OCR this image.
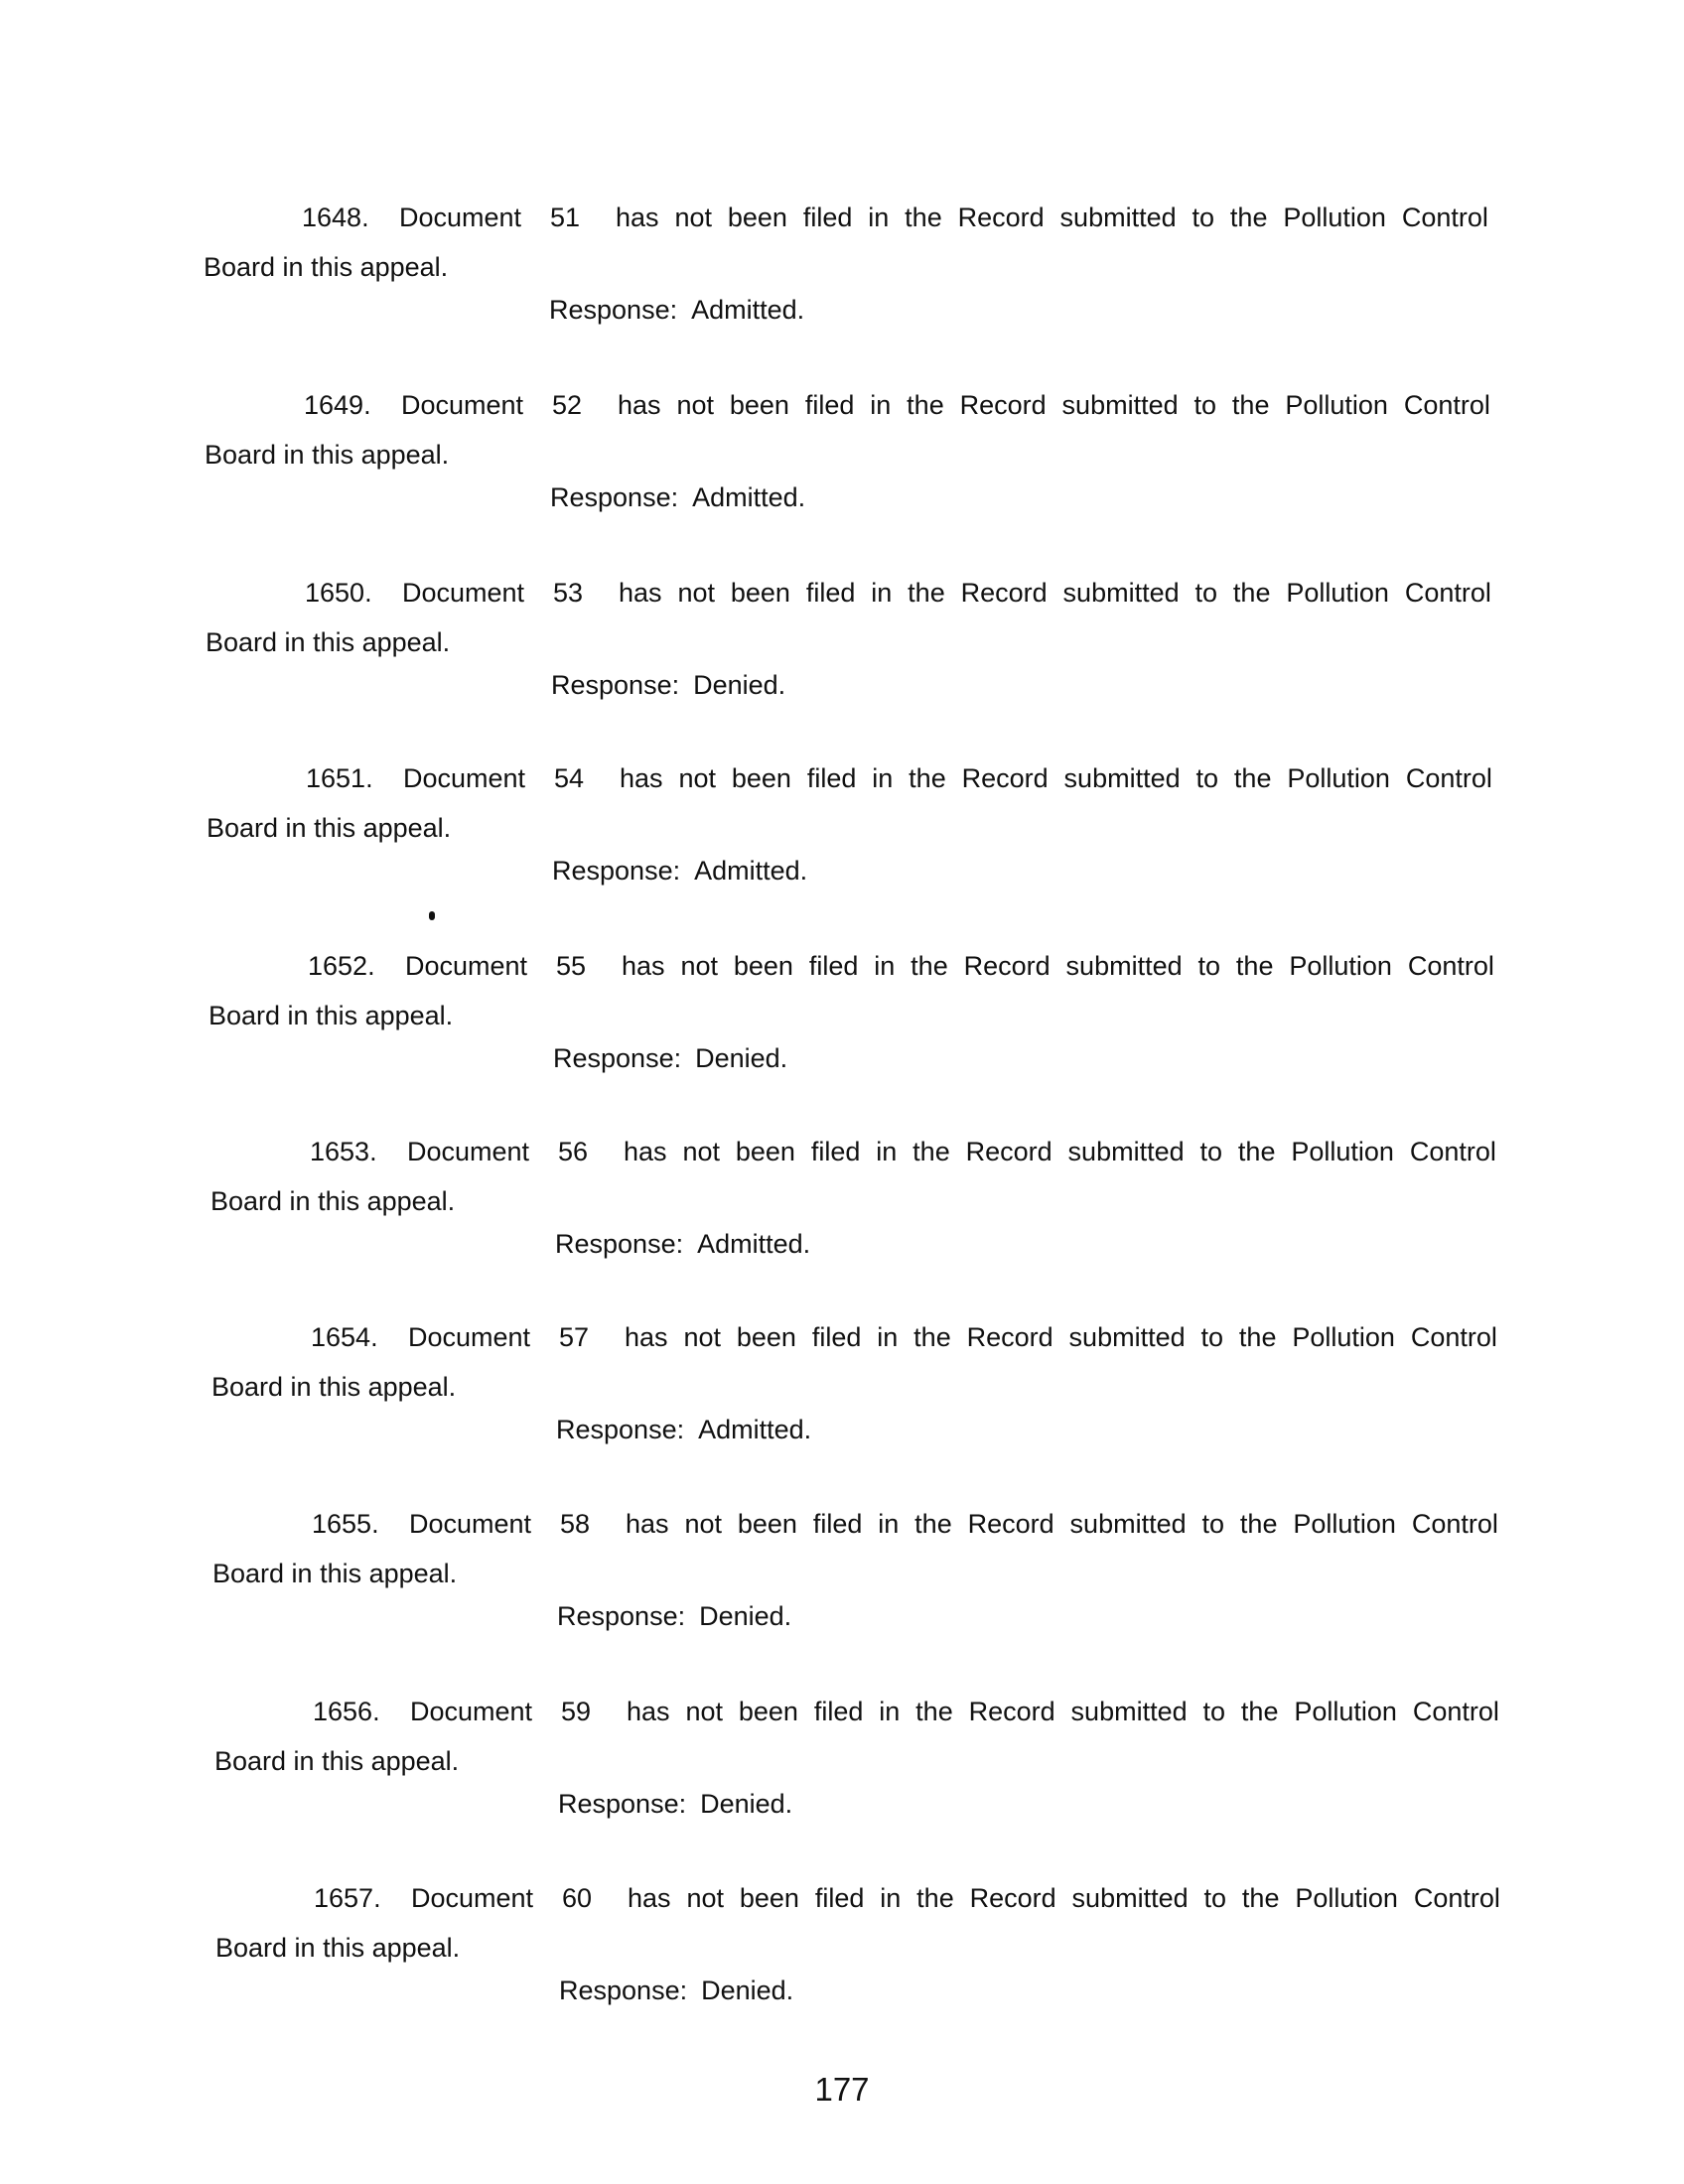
1648. Document 51 has not been filed in the Record submitted to the Pollution Control
Board in this appeal.
Response: Admitted.
1649. Document 52 has not been filed in the Record submitted to the Pollution Control
Board in this appeal.
Response: Admitted.
1650. Document 53 has not been filed in the Record submitted to the Pollution Control
Board in this appeal.
Response: Denied.
1651. Document 54 has not been filed in the Record submitted to the Pollution Control
Board in this appeal.
Response: Admitted.
1652. Document 55 has not been filed in the Record submitted to the Pollution Control
Board in this appeal.
Response: Denied.
1653. Document 56 has not been filed in the Record submitted to the Pollution Control
Board in this appeal.
Response: Admitted.
1654. Document 57 has not been filed in the Record submitted to the Pollution Control
Board in this appeal.
Response: Admitted.
1655. Document 58 has not been filed in the Record submitted to the Pollution Control
Board in this appeal.
Response: Denied.
1656. Document 59 has not been filed in the Record submitted to the Pollution Control
Board in this appeal.
Response: Denied.
1657. Document 60 has not been filed in the Record submitted to the Pollution Control
Board in this appeal.
Response: Denied.
177
